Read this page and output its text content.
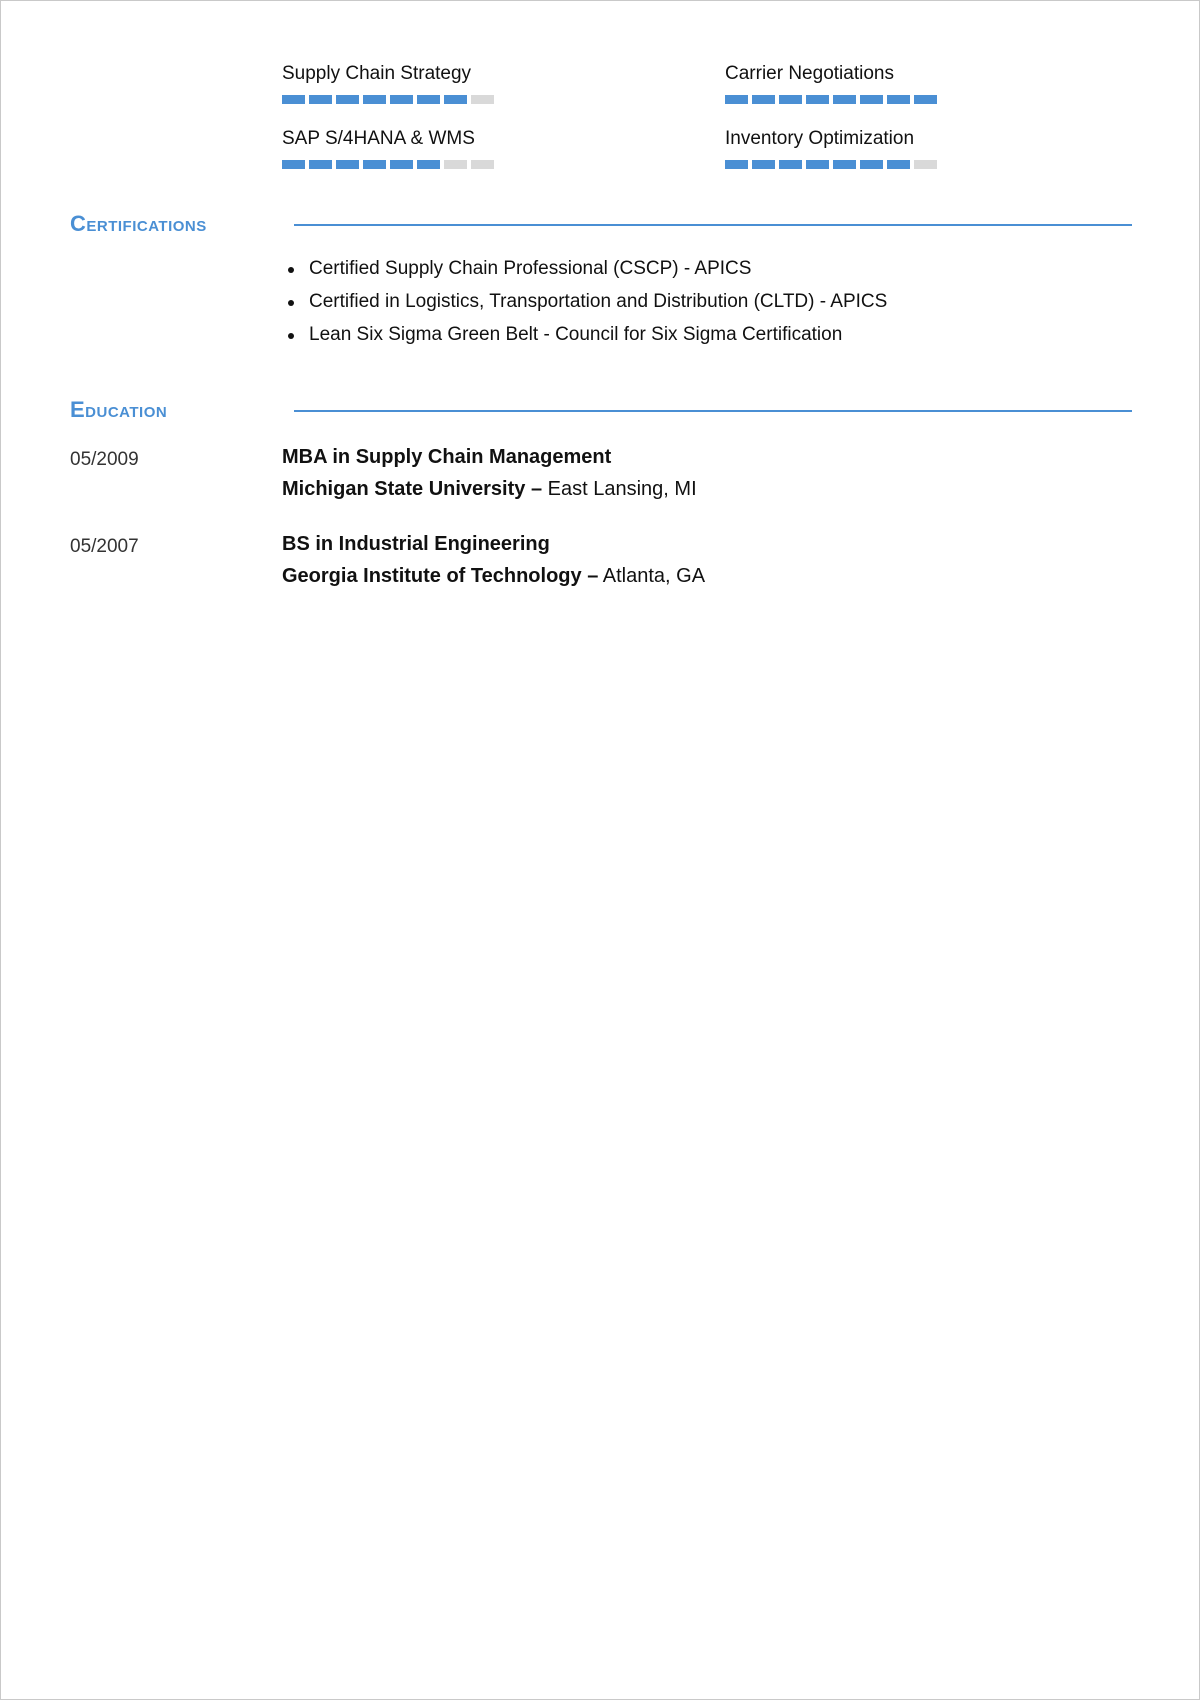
Supply Chain Strategy	Carrier Negotiations
SAP S/4HANA & WMS	Inventory Optimization
Certifications
Certified Supply Chain Professional (CSCP) - APICS
Certified in Logistics, Transportation and Distribution (CLTD) - APICS
Lean Six Sigma Green Belt - Council for Six Sigma Certification
Education
05/2009	MBA in Supply Chain Management
Michigan State University – East Lansing, MI
05/2007	BS in Industrial Engineering
Georgia Institute of Technology – Atlanta, GA
